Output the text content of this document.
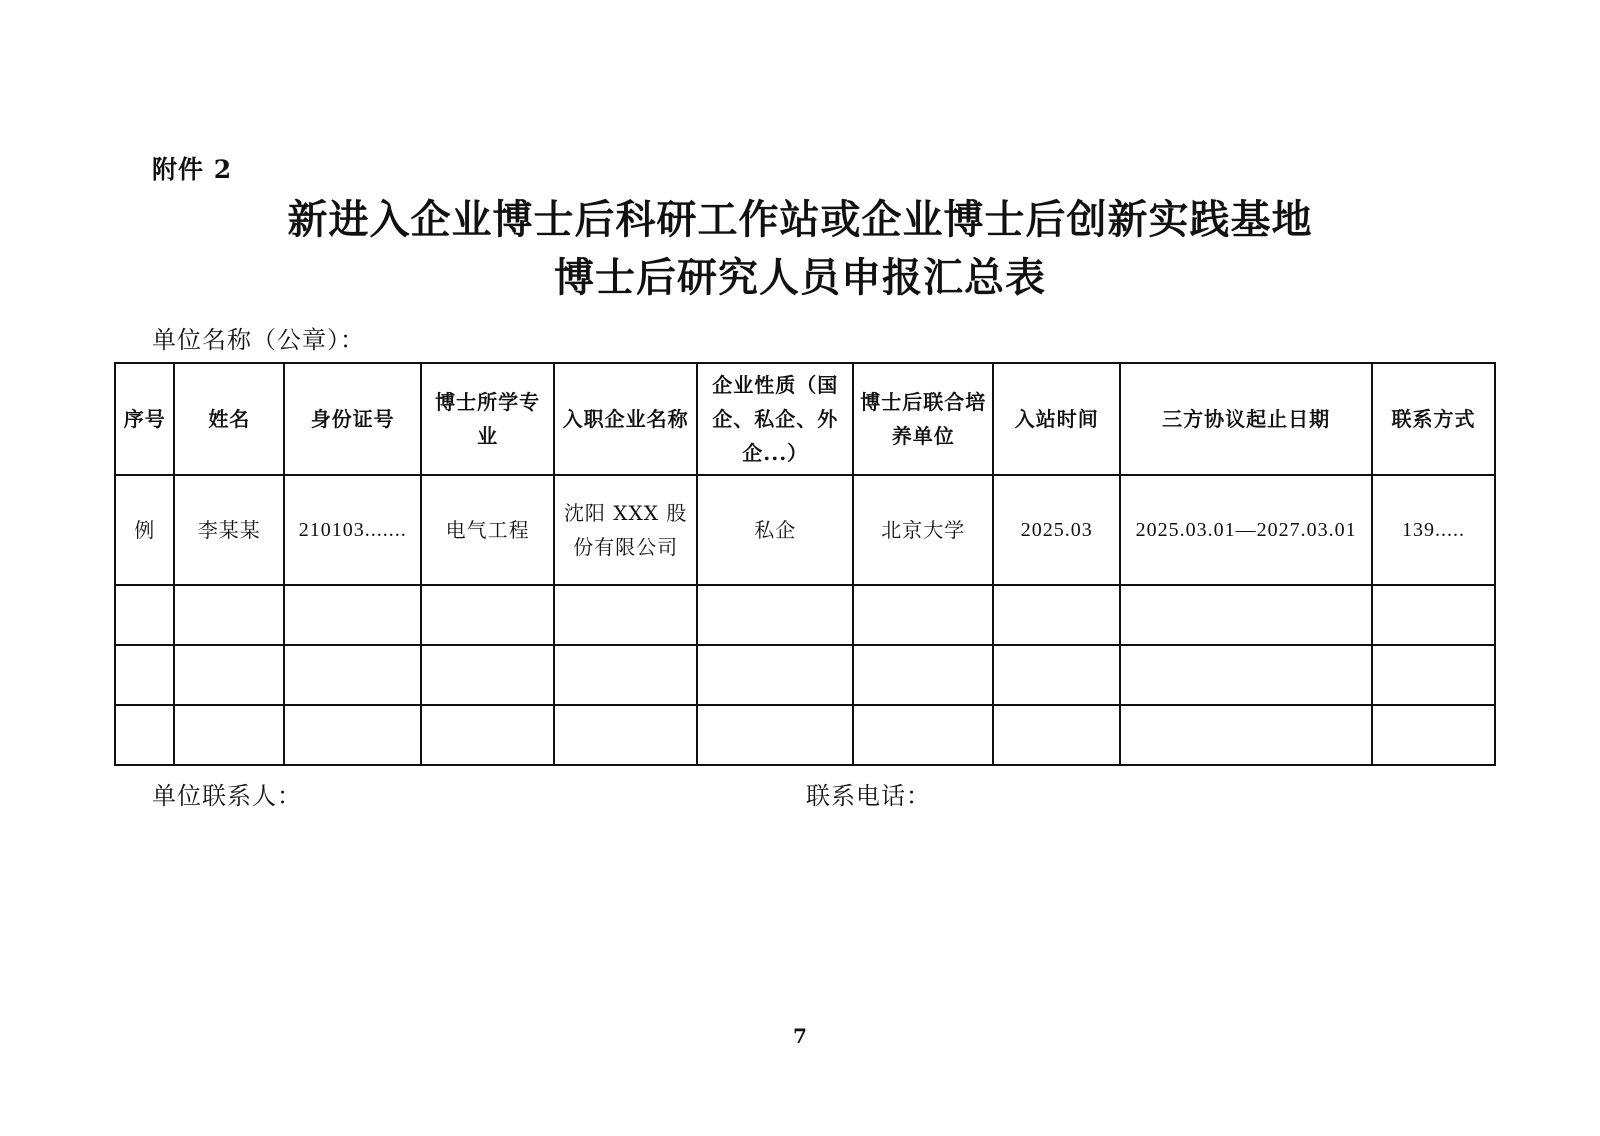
附件 2
新进入企业博士后科研工作站或企业博士后创新实践基地
博士后研究人员申报汇总表
单位名称（公章）：
序号	姓名	身份证号	博士所学专业	入职企业名称	企业性质（国企、私企、外企...）	博士后联合培养单位	入站时间	三方协议起止日期	联系方式
例	李某某	210103.......	电气工程	沈阳 XXX 股份有限公司	私企	北京大学	2025.03	2025.03.01—2027.03.01	139.....

单位联系人：	联系电话：
7
